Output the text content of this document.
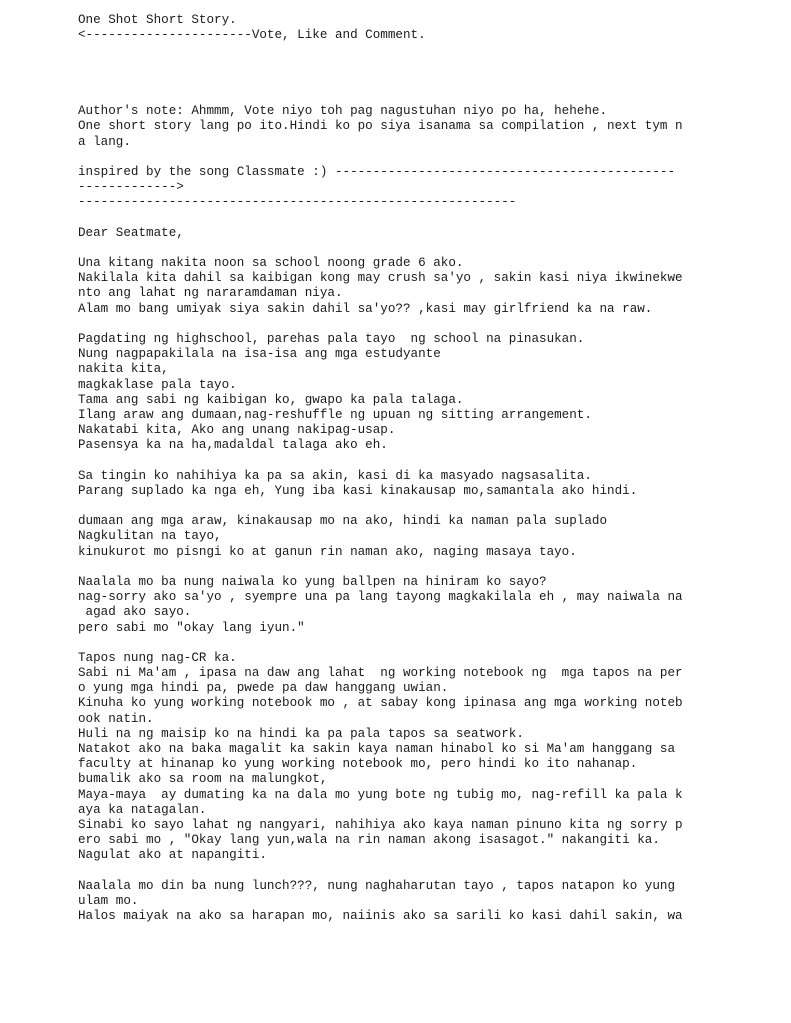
One Shot Short Story.
<----------------------Vote, Like and Comment.
Author's note: Ahmmm, Vote niyo toh pag nagustuhan niyo po ha, hehehe.
One short story lang po ito.Hindi ko po siya isanama sa compilation , next tym n
a lang.
inspired by the song Classmate :) ---------------------------------------------
------------->
----------------------------------------------------------
Dear Seatmate,
Una kitang nakita noon sa school noong grade 6 ako.
Nakilala kita dahil sa kaibigan kong may crush sa'yo , sakin kasi niya ikwinekwe
nto ang lahat ng nararamdaman niya.
Alam mo bang umiyak siya sakin dahil sa'yo?? ,kasi may girlfriend ka na raw.
Pagdating ng highschool, parehas pala tayo  ng school na pinasukan.
Nung nagpapakilala na isa-isa ang mga estudyante
nakita kita,
magkaklase pala tayo.
Tama ang sabi ng kaibigan ko, gwapo ka pala talaga.
Ilang araw ang dumaan,nag-reshuffle ng upuan ng sitting arrangement.
Nakatabi kita, Ako ang unang nakipag-usap.
Pasensya ka na ha,madaldal talaga ako eh.
Sa tingin ko nahihiya ka pa sa akin, kasi di ka masyado nagsasalita.
Parang suplado ka nga eh, Yung iba kasi kinakausap mo,samantala ako hindi.
dumaan ang mga araw, kinakausap mo na ako, hindi ka naman pala suplado
Nagkulitan na tayo,
kinukurot mo pisngi ko at ganun rin naman ako, naging masaya tayo.
Naalala mo ba nung naiwala ko yung ballpen na hiniram ko sayo?
nag-sorry ako sa'yo , syempre una pa lang tayong magkakilala eh , may naiwala na
agad ako sayo.
pero sabi mo "okay lang iyun."
Tapos nung nag-CR ka.
Sabi ni Ma'am , ipasa na daw ang lahat  ng working notebook ng  mga tapos na per
o yung mga hindi pa, pwede pa daw hanggang uwian.
Kinuha ko yung working notebook mo , at sabay kong ipinasa ang mga working noteb
ook natin.
Huli na ng maisip ko na hindi ka pa pala tapos sa seatwork.
Natakot ako na baka magalit ka sakin kaya naman hinabol ko si Ma'am hanggang sa
faculty at hinanap ko yung working notebook mo, pero hindi ko ito nahanap.
bumalik ako sa room na malungkot,
Maya-maya  ay dumating ka na dala mo yung bote ng tubig mo, nag-refill ka pala k
aya ka natagalan.
Sinabi ko sayo lahat ng nangyari, nahihiya ako kaya naman pinuno kita ng sorry p
ero sabi mo , "Okay lang yun,wala na rin naman akong isasagot." nakangiti ka.
Nagulat ako at napangiti.
Naalala mo din ba nung lunch???, nung naghaharutan tayo , tapos natapon ko yung
ulam mo.
Halos maiyak na ako sa harapan mo, naiinis ako sa sarili ko kasi dahil sakin, wa
